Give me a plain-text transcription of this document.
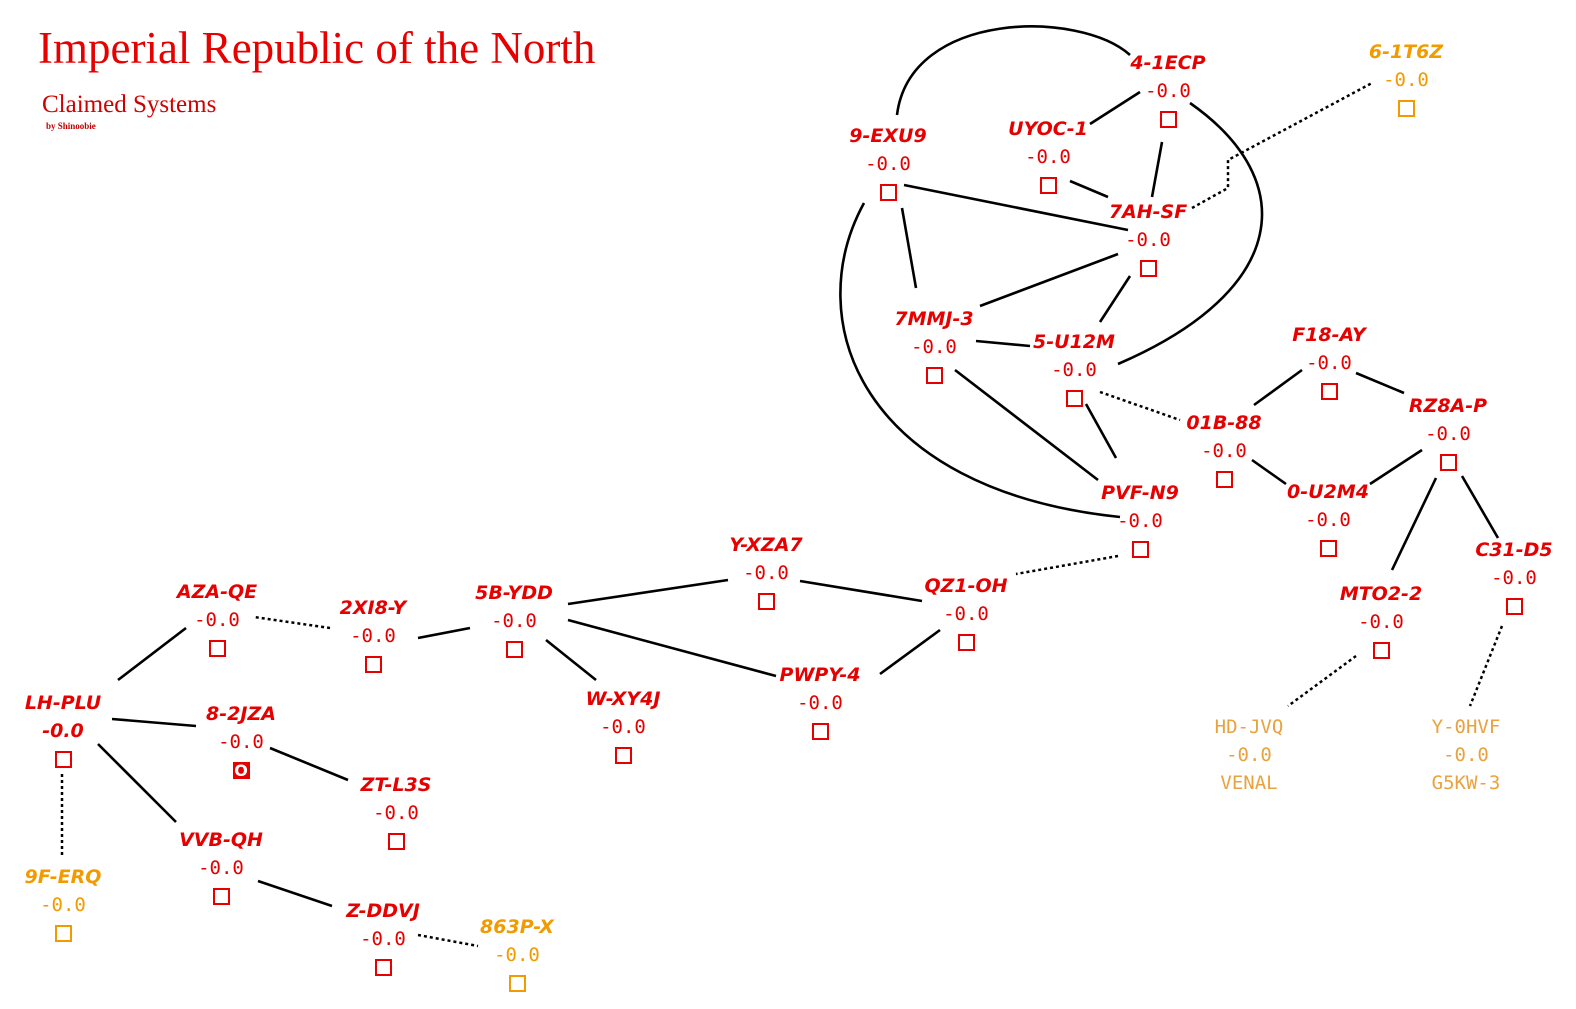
Imperial Republic of the North
Claimed Systems
by Shinoobie
4-1ECP
-0.0
6-1T6Z
-0.0
UYOC-1
-0.0
9-EXU9
-0.0
7AH-SF
-0.0
7MMJ-3
-0.0	5-U12M
-0.0
F18-AY
-0.0
01B-88
-0.0
RZ8A-P
-0.0
PVF-N9
-0.0
0-U2M4
-0.0
C31-D5
-0.0
MTO2-2
-0.0
Y-XZA7
-0.0
QZ1-OH
-0.0
AZA-QE
-0.0
2XI8-Y
-0.0
5B-YDD
-0.0
W-XY4J
-0.0
PWPY-4
-0.0
LH-PLU
-0.0
8-2JZA
-0.0
O
ZT-L3S
-0.0
VVB-QH
-0.0
Z-DDVJ
-0.0
9F-ERQ
-0.0
863P-X
-0.0
HD-JVQ
-0.0
VENAL
Y-0HVF
-0.0
G5KW-3
